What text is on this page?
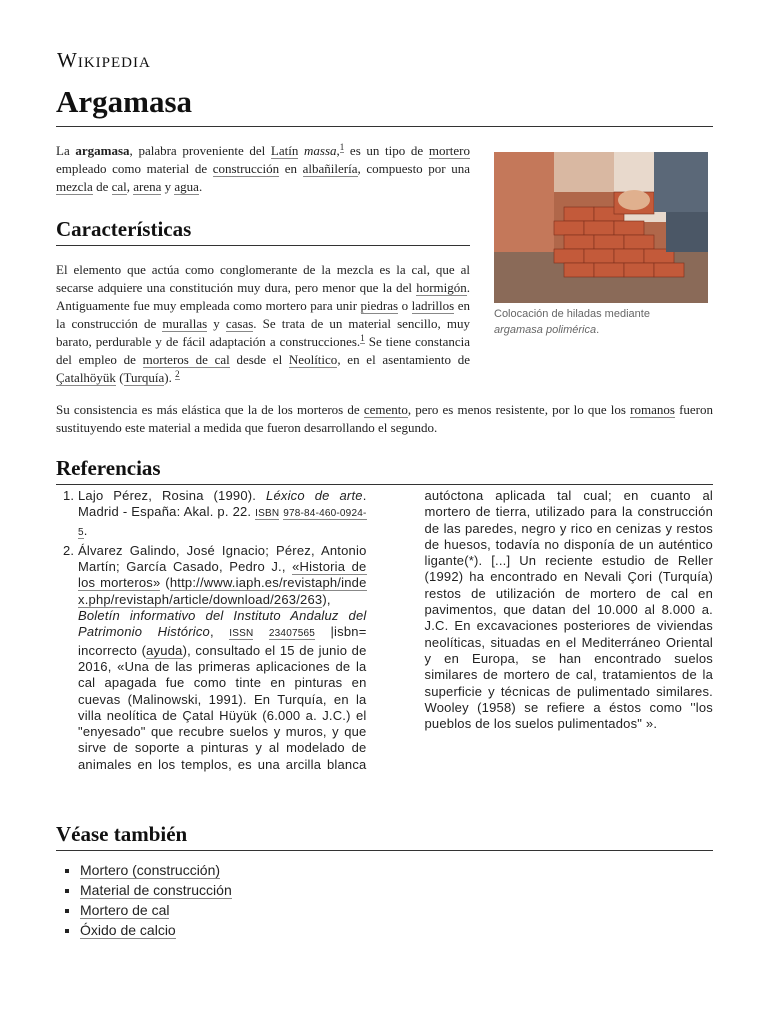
Wikipedia
Argamasa
Colocación de hiladas mediante
argamasa polimérica.
La argamasa, palabra proveniente del Latín massa,$^1$ es un tipo de mortero empleado como material de construcción en albañilería, compuesto por una mezcla de cal, arena y agua.
Características
El elemento que actúa como conglomerante de la mezcla es la cal, que al secarse adquiere una constitución muy dura, pero menor que la del hormigón. Antiguamente fue muy empleada como mortero para unir piedras o ladrillos en la construcción de murallas y casas. Se trata de un material sencillo, muy barato, perdurable y de fácil adaptación a construcciones.$^1$ Se tiene constancia del empleo de morteros de cal desde el Neolítico, en el asentamiento de Çatalhöyük (Turquía). $^2$
Su consistencia es más elástica que la de los morteros de cemento, pero es menos resistente, por lo que los romanos fueron sustituyendo este material a medida que fueron desarrollando el segundo.
Referencias
1. Lajo Pérez, Rosina (1990). Léxico de arte. Madrid - España: Akal. p. 22. ISBN 978-84-460-0924-5.
2. Álvarez Galindo, José Ignacio; Pérez, Antonio Martín; García Casado, Pedro J., «Historia de los morteros» (http://www.iaph.es/revistaph/index.php/revistaph/article/download/263/263), Boletín informativo del Instituto Andaluz del Patrimonio Histórico, ISSN 23407565 |isbn= incorrecto (ayuda), consultado el 15 de junio de 2016, «Una de las primeras aplicaciones de la cal apagada fue como tinte en pinturas en cuevas (Malinowski, 1991). En Turquía, en la villa neolítica de Çatal Hüyük (6.000 a. J.C.) el "enyesado" que recubre suelos y muros, y que sirve de soporte a pinturas y al modelado de animales en los templos, es una arcilla blanca autóctona aplicada tal cual; en cuanto al mortero de tierra, utilizado para la construcción de las paredes, negro y rico en cenizas y restos de huesos, todavía no disponía de un auténtico ligante(*). [...] Un reciente estudio de Reller (1992) ha encontrado en Nevali Çori (Turquía) restos de utilización de mortero de cal en pavimentos, que datan del 10.000 al 8.000 a. J.C. En excavaciones posteriores de viviendas neolíticas, situadas en el Mediterráneo Oriental y en Europa, se han encontrado suelos similares de mortero de cal, tratamientos de la superficie y técnicas de pulimentado similares. Wooley (1958) se refiere a éstos como ''los pueblos de los suelos pulimentados" ».
Véase también
▪ Mortero (construcción)
▪ Material de construcción
▪ Mortero de cal
▪ Óxido de calcio
